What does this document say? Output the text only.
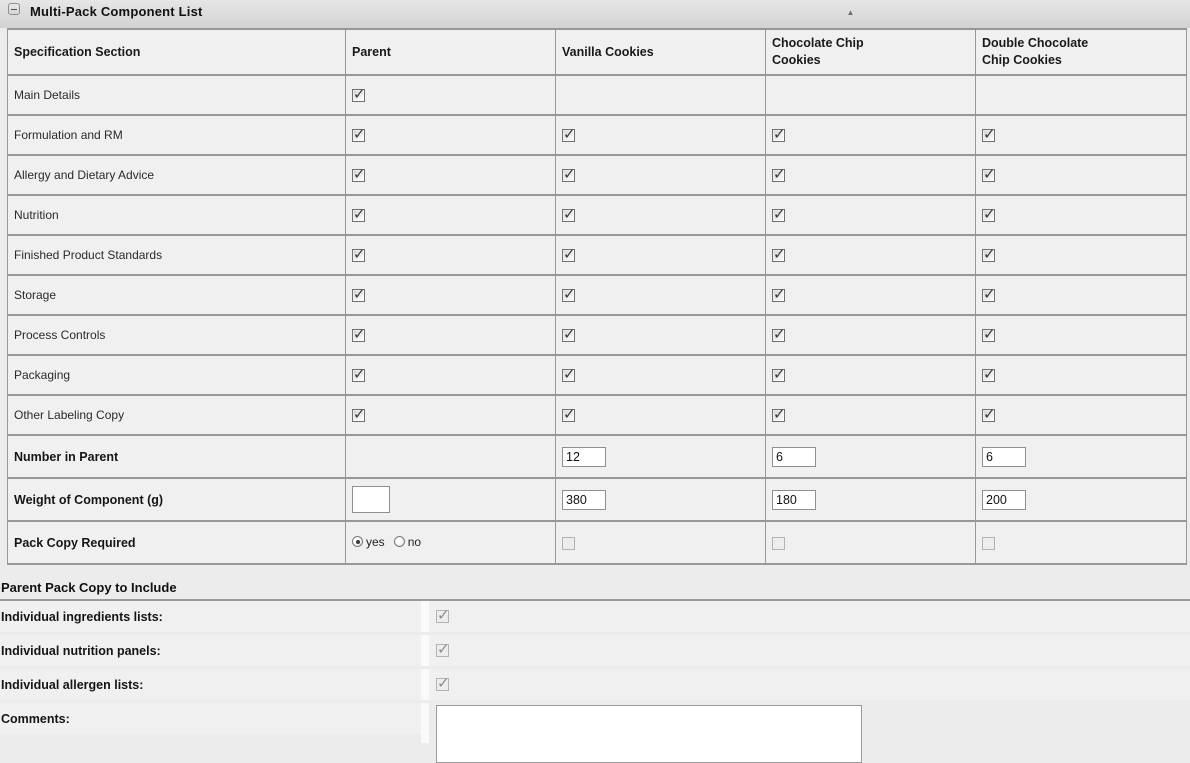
Multi-Pack Component List
Specification Section	Parent	Vanilla Cookies	Chocolate Chip Cookies	Double Chocolate Chip Cookies
Main Details	✓			
Formulation and RM	✓	✓	✓	✓
Allergy and Dietary Advice	✓	✓	✓	✓
Nutrition	✓	✓	✓	✓
Finished Product Standards	✓	✓	✓	✓
Storage	✓	✓	✓	✓
Process Controls	✓	✓	✓	✓
Packaging	✓	✓	✓	✓
Other Labeling Copy	✓	✓	✓	✓
Number in Parent		12	6	6
Weight of Component (g)		380	180	200
Pack Copy Required	yes no			

Parent Pack Copy to Include
Individual ingredients lists:
✓
Individual nutrition panels:
✓
Individual allergen lists:
✓
Comments:
▲
